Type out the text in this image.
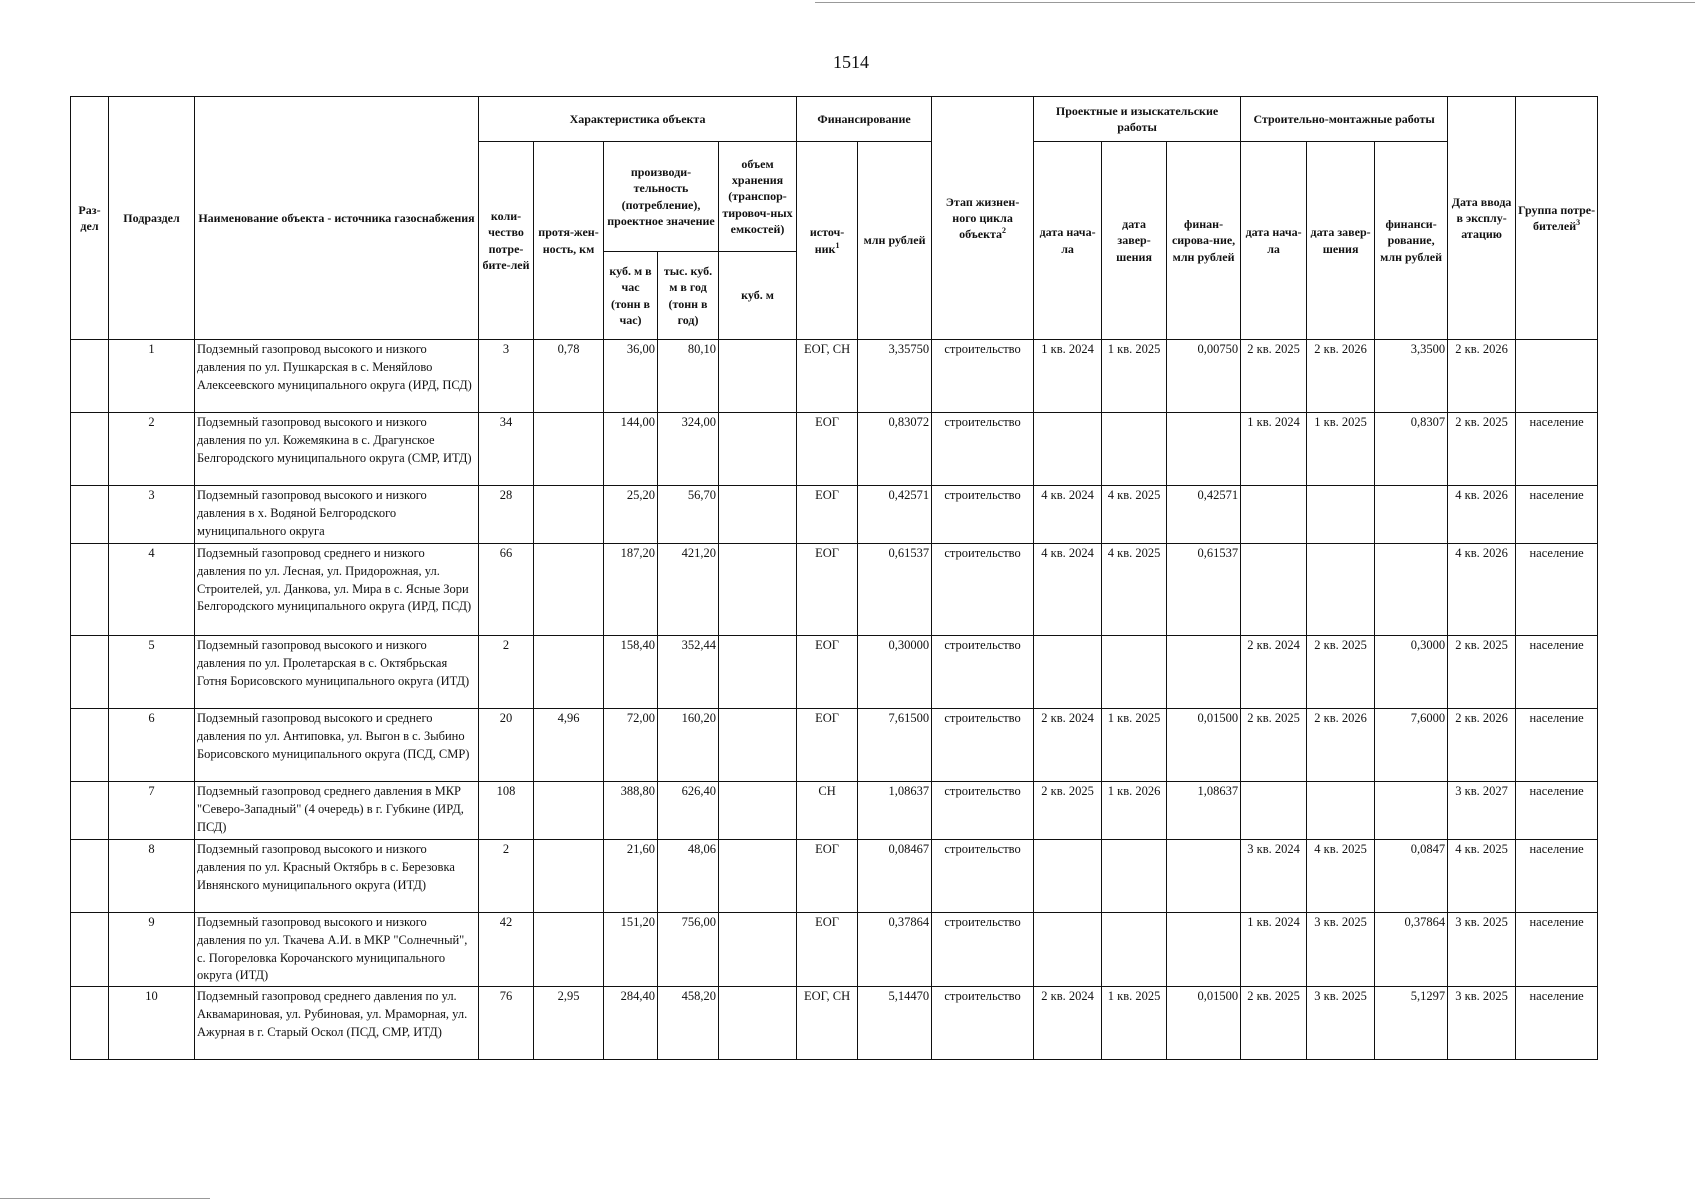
1514
Раз-дел	Подраздел	Наименование объекта - источника газоснабжения	Характеристика объекта					Финансирование		Этап жизнен-ного цикла объекта$^2$	Проектные и изыскательские работы			Строительно-монтажные работы			Дата ввода в эксплу-атацию	Группа потре-бителей$^3$
			коли-чество потре-бите-лей	протя-жен-ность, км	производи-тельность (потребление), проектное значение		объем хранения (транспор-тировоч-ных емкостей)	источ-ник$^1$	млн рублей		дата нача-ла	дата завер-шения	финан-сирова-ние, млн рублей	дата нача-ла	дата завер-шения	финанси-рование, млн рублей		
					куб. м в час (тонн в час)	тыс. куб. м в год (тонн в год)	куб. м											
	1	Подземный газопровод высокого и низкого давления по ул. Пушкарская в с. Меняйлово Алексеевского муниципального округа (ИРД, ПСД)	3	0,78	36,00	80,10		ЕОГ, СН	3,35750	строительство	1 кв. 2024	1 кв. 2025	0,00750	2 кв. 2025	2 кв. 2026	3,3500	2 кв. 2026	
	2	Подземный газопровод высокого и низкого давления по ул. Кожемякина в с. Драгунское Белгородского муниципального округа (СМР, ИТД)	34		144,00	324,00		ЕОГ	0,83072	строительство				1 кв. 2024	1 кв. 2025	0,8307	2 кв. 2025	население
	3	Подземный газопровод высокого и низкого давления в х. Водяной Белгородского муниципального округа	28		25,20	56,70		ЕОГ	0,42571	строительство	4 кв. 2024	4 кв. 2025	0,42571				4 кв. 2026	население
	4	Подземный газопровод среднего и низкого давления по ул. Лесная, ул. Придорожная, ул. Строителей, ул. Данкова, ул. Мира в с. Ясные Зори Белгородского муниципального округа (ИРД, ПСД)	66		187,20	421,20		ЕОГ	0,61537	строительство	4 кв. 2024	4 кв. 2025	0,61537				4 кв. 2026	население
	5	Подземный газопровод высокого и низкого давления по ул. Пролетарская в с. Октябрьская Готня Борисовского муниципального округа (ИТД)	2		158,40	352,44		ЕОГ	0,30000	строительство				2 кв. 2024	2 кв. 2025	0,3000	2 кв. 2025	население
	6	Подземный газопровод высокого и среднего давления по ул. Антиповка, ул. Выгон в с. Зыбино Борисовского муниципального округа (ПСД, СМР)	20	4,96	72,00	160,20		ЕОГ	7,61500	строительство	2 кв. 2024	1 кв. 2025	0,01500	2 кв. 2025	2 кв. 2026	7,6000	2 кв. 2026	население
	7	Подземный газопровод среднего давления в МКР "Северо-Западный" (4 очередь) в г. Губкине (ИРД, ПСД)	108		388,80	626,40		СН	1,08637	строительство	2 кв. 2025	1 кв. 2026	1,08637				3 кв. 2027	население
	8	Подземный газопровод высокого и низкого давления по ул. Красный Октябрь в с. Березовка Ивнянского муниципального округа (ИТД)	2		21,60	48,06		ЕОГ	0,08467	строительство				3 кв. 2024	4 кв. 2025	0,0847	4 кв. 2025	население
	9	Подземный газопровод высокого и низкого давления по ул. Ткачева А.И. в МКР "Солнечный", с. Погореловка Корочанского муниципального округа (ИТД)	42		151,20	756,00		ЕОГ	0,37864	строительство				1 кв. 2024	3 кв. 2025	0,37864	3 кв. 2025	население
	10	Подземный газопровод среднего давления по ул. Аквамариновая, ул. Рубиновая, ул. Мраморная, ул. Ажурная в г. Старый Оскол (ПСД, СМР, ИТД)	76	2,95	284,40	458,20		ЕОГ, СН	5,14470	строительство	2 кв. 2024	1 кв. 2025	0,01500	2 кв. 2025	3 кв. 2025	5,1297	3 кв. 2025	население
